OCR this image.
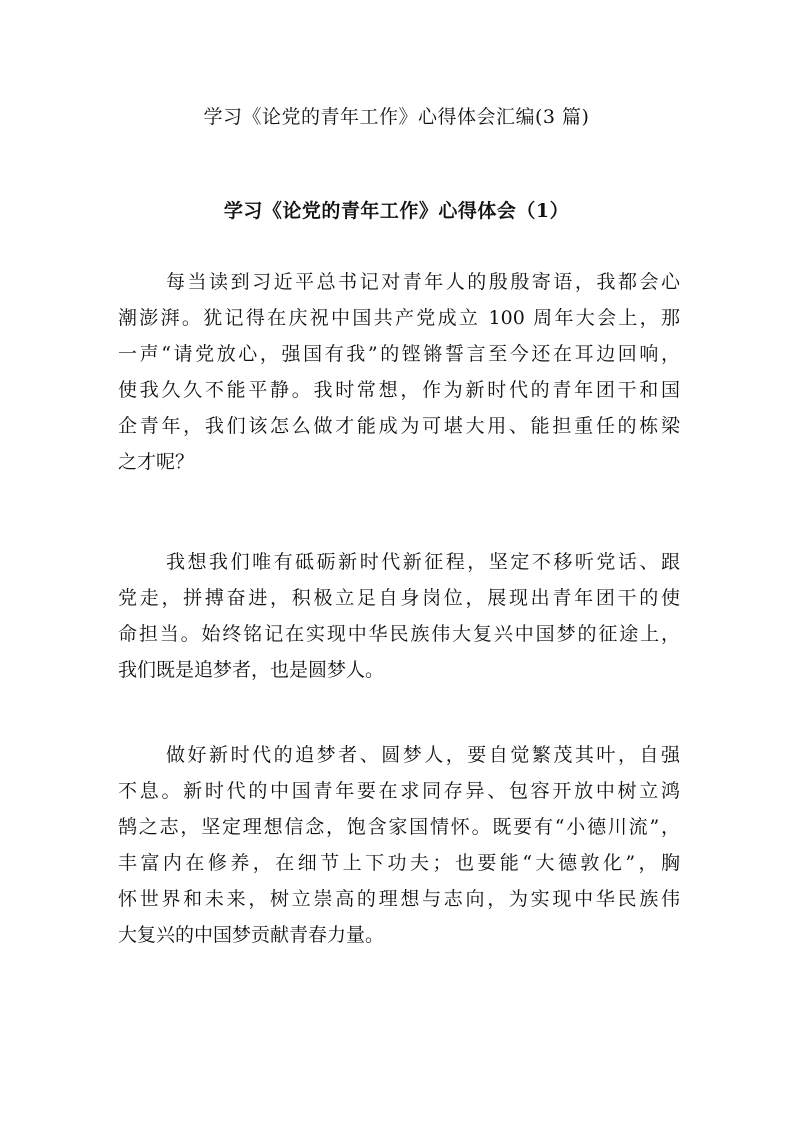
学习《论党的青年工作》心得体会汇编(3 篇)
学习《论党的青年工作》心得体会（1）
每当读到习近平总书记对青年人的殷殷寄语，我都会心
潮澎湃。犹记得在庆祝中国共产党成立 100 周年大会上，那
一声“请党放心，强国有我”的铿锵誓言至今还在耳边回响，
使我久久不能平静。我时常想，作为新时代的青年团干和国
企青年，我们该怎么做才能成为可堪大用、能担重任的栋梁
之才呢？
我想我们唯有砥砺新时代新征程，坚定不移听党话、跟
党走，拼搏奋进，积极立足自身岗位，展现出青年团干的使
命担当。始终铭记在实现中华民族伟大复兴中国梦的征途上，
我们既是追梦者，也是圆梦人。
做好新时代的追梦者、圆梦人，要自觉繁茂其叶，自强
不息。新时代的中国青年要在求同存异、包容开放中树立鸿
鹄之志，坚定理想信念，饱含家国情怀。既要有“小德川流”，
丰富内在修养，在细节上下功夫；也要能“大德敦化”，胸
怀世界和未来，树立崇高的理想与志向，为实现中华民族伟
大复兴的中国梦贡献青春力量。
